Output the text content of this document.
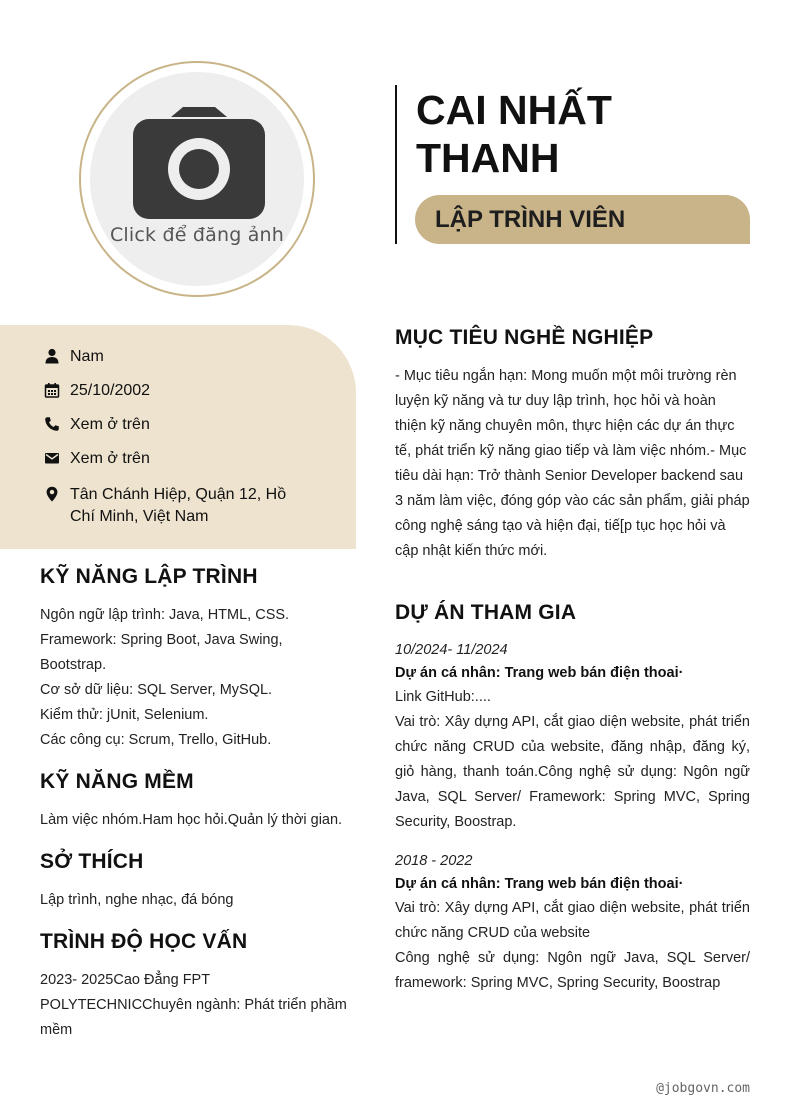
Click để đăng ảnh
CAI NHẤT
THANH
LẬP TRÌNH VIÊN
Nam
25/10/2002
Xem ở trên
Xem ở trên
Tân Chánh Hiệp, Quận 12, Hồ Chí Minh, Việt Nam
KỸ NĂNG LẬP TRÌNH
Ngôn ngữ lập trình: Java, HTML, CSS.
Framework: Spring Boot, Java Swing,
Bootstrap.
Cơ sở dữ liệu: SQL Server, MySQL.
Kiểm thử: jUnit, Selenium.
Các công cụ: Scrum, Trello, GitHub.
KỸ NĂNG MỀM
Làm việc nhóm.Ham học hỏi.Quản lý thời gian.
SỞ THÍCH
Lập trình, nghe nhạc, đá bóng
TRÌNH ĐỘ HỌC VẤN
2023- 2025Cao Đẳng FPT
POLYTECHNICChuyên ngành: Phát triển phầm
mềm
MỤC TIÊU NGHỀ NGHIỆP
- Mục tiêu ngắn hạn: Mong muốn một môi trường rèn luyện kỹ năng và tư duy lập trình, học hỏi và hoàn thiện kỹ năng chuyên môn, thực hiện các dự án thực tế, phát triển kỹ năng giao tiếp và làm việc nhóm.- Mục tiêu dài hạn: Trở thành Senior Developer backend sau 3 năm làm việc, đóng góp vào các sản phẩm, giải pháp công nghệ sáng tạo và hiện đại, tiế[p tục học hỏi và cập nhật kiến thức mới.
DỰ ÁN THAM GIA
10/2024- 11/2024
Dự án cá nhân: Trang web bán điện thoai·
Link GitHub:....
Vai trò: Xây dựng API, cắt giao diện website, phát triển chức năng CRUD của website, đăng nhập, đăng ký, giỏ hàng, thanh toán.Công nghệ sử dụng: Ngôn ngữ Java, SQL Server/ Framework: Spring MVC, Spring Security, Boostrap.
2018 - 2022
Dự án cá nhân: Trang web bán điện thoai·
Vai trò: Xây dựng API, cắt giao diện website, phát triển chức năng CRUD của website
Công nghệ sử dụng: Ngôn ngữ Java, SQL Server/ framework: Spring MVC, Spring Security, Boostrap
@jobgovn.com
